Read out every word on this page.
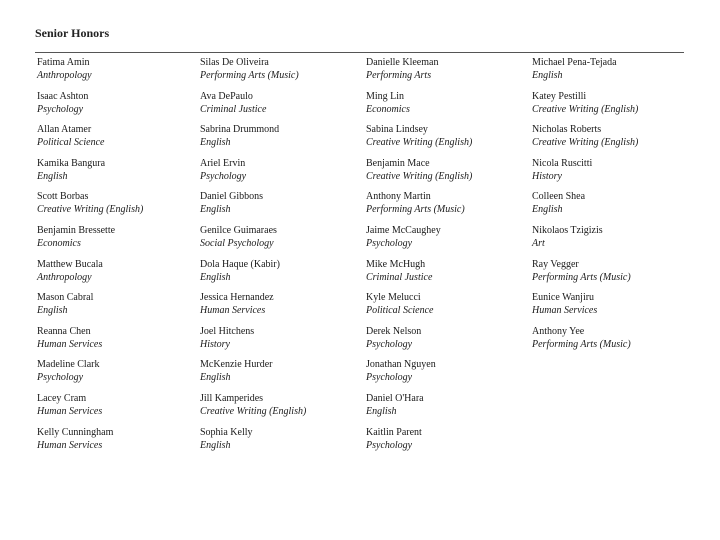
Senior Honors
Fatima Amin
Anthropology
Silas De Oliveira
Performing Arts (Music)
Danielle Kleeman
Performing Arts
Michael Pena-Tejada
English
Isaac Ashton
Psychology
Ava DePaulo
Criminal Justice
Ming Lin
Economics
Katey Pestilli
Creative Writing (English)
Allan Atamer
Political Science
Sabrina Drummond
English
Sabina Lindsey
Creative Writing (English)
Nicholas Roberts
Creative Writing (English)
Kamika Bangura
English
Ariel Ervin
Psychology
Benjamin Mace
Creative Writing (English)
Nicola Ruscitti
History
Scott Borbas
Creative Writing (English)
Daniel Gibbons
English
Anthony Martin
Performing Arts (Music)
Colleen Shea
English
Benjamin Bressette
Economics
Genilce Guimaraes
Social Psychology
Jaime McCaughey
Psychology
Nikolaos Tzigizis
Art
Matthew Bucala
Anthropology
Dola Haque (Kabir)
English
Mike McHugh
Criminal Justice
Ray Vegger
Performing Arts (Music)
Mason Cabral
English
Jessica Hernandez
Human Services
Kyle Melucci
Political Science
Eunice Wanjiru
Human Services
Reanna Chen
Human Services
Joel Hitchens
History
Derek Nelson
Psychology
Anthony Yee
Performing Arts (Music)
Madeline Clark
Psychology
McKenzie Hurder
English
Jonathan Nguyen
Psychology
Lacey Cram
Human Services
Jill Kamperides
Creative Writing (English)
Daniel O'Hara
English
Kelly Cunningham
Human Services
Sophia Kelly
English
Kaitlin Parent
Psychology
